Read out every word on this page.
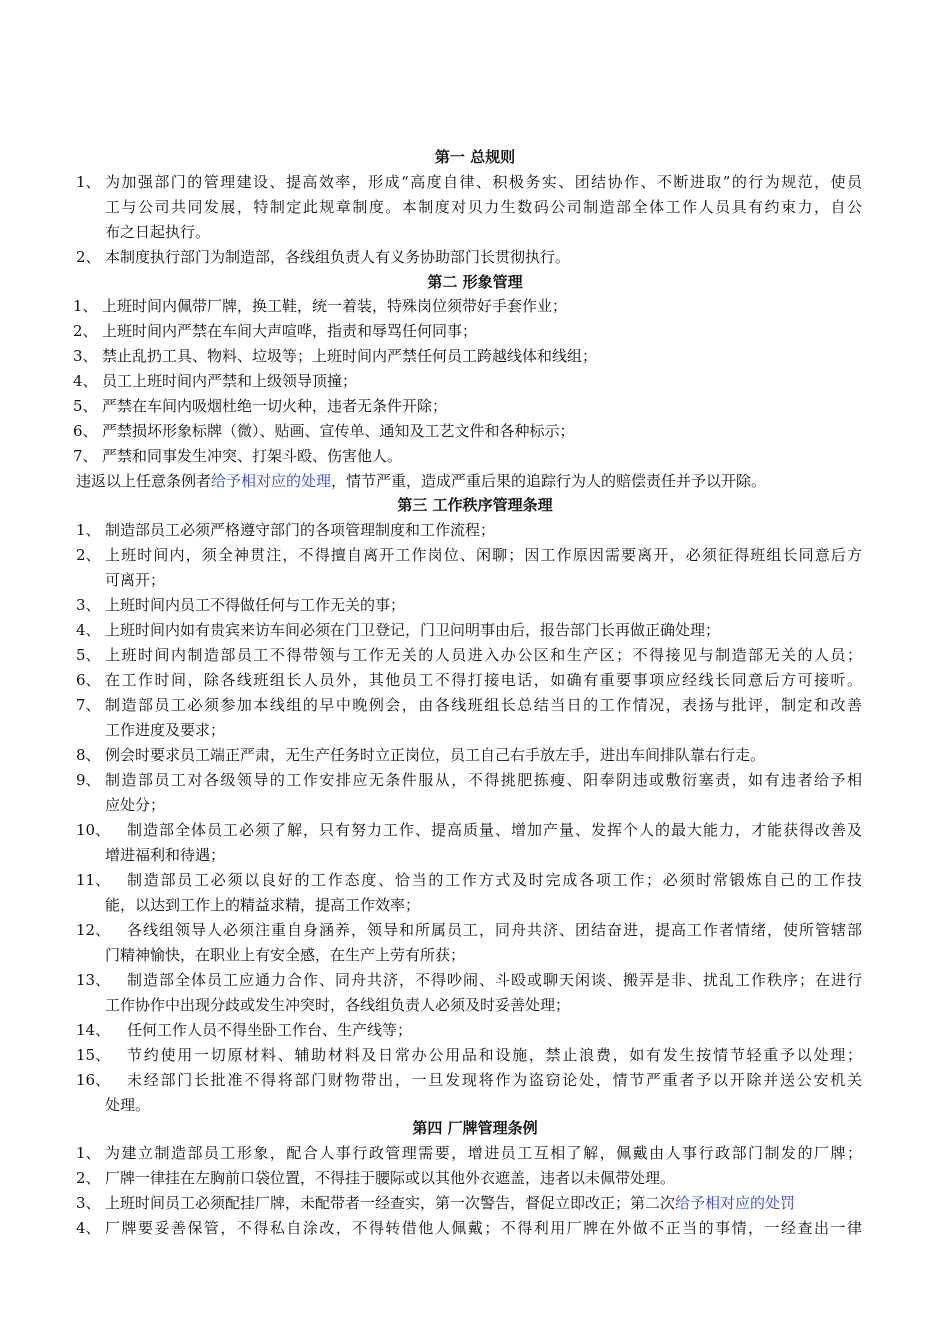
第一 总规则
1、 为加强部门的管理建设、提高效率，形成“高度自律、积极务实、团结协作、不断进取”的行为规范，使员
工与公司共同发展，特制定此规章制度。本制度对贝力生数码公司制造部全体工作人员具有约束力，自公
布之日起执行。
2、 本制度执行部门为制造部，各线组负责人有义务协助部门长贯彻执行。
第二 形象管理
1、 上班时间内佩带厂牌，换工鞋，统一着装，特殊岗位须带好手套作业；
2、 上班时间内严禁在车间大声喧哗，指责和辱骂任何同事；
3、 禁止乱扔工具、物料、垃圾等；上班时间内严禁任何员工跨越线体和线组；
4、 员工上班时间内严禁和上级领导顶撞；
5、 严禁在车间内吸烟杜绝一切火种，违者无条件开除；
6、 严禁损坏形象标牌（微）、贴画、宣传单、通知及工艺文件和各种标示；
7、 严禁和同事发生冲突、打架斗殴、伤害他人。
违返以上任意条例者给予相对应的处理，情节严重，造成严重后果的追踪行为人的赔偿责任并予以开除。
第三 工作秩序管理条理
1、 制造部员工必须严格遵守部门的各项管理制度和工作流程；
2、 上班时间内，须全神贯注，不得擅自离开工作岗位、闲聊；因工作原因需要离开，必须征得班组长同意后方
可离开；
3、 上班时间内员工不得做任何与工作无关的事；
4、 上班时间内如有贵宾来访车间必须在门卫登记，门卫问明事由后，报告部门长再做正确处理；
5、 上班时间内制造部员工不得带领与工作无关的人员进入办公区和生产区；不得接见与制造部无关的人员；
6、 在工作时间，除各线班组长人员外，其他员工不得打接电话，如确有重要事项应经线长同意后方可接听。
7、 制造部员工必须参加本线组的早中晚例会，由各线班组长总结当日的工作情况，表扬与批评，制定和改善
工作进度及要求；
8、 例会时要求员工端正严肃，无生产任务时立正岗位，员工自己右手放左手，进出车间排队靠右行走。
9、 制造部员工对各级领导的工作安排应无条件服从，不得挑肥拣瘦、阳奉阴违或敷衍塞责，如有违者给予相
应处分；
10、 制造部全体员工必须了解，只有努力工作、提高质量、增加产量、发挥个人的最大能力，才能获得改善及
增进福利和待遇；
11、 制造部员工必须以良好的工作态度、恰当的工作方式及时完成各项工作；必须时常锻炼自己的工作技
能，以达到工作上的精益求精，提高工作效率；
12、 各线组领导人必须注重自身涵养，领导和所属员工，同舟共济、团结奋进，提高工作者情绪，使所管辖部
门精神愉快，在职业上有安全感，在生产上劳有所获；
13、 制造部全体员工应通力合作、同舟共济，不得吵闹、斗殴或聊天闲谈、搬弄是非、扰乱工作秩序；在进行
工作协作中出现分歧或发生冲突时，各线组负责人必须及时妥善处理；
14、 任何工作人员不得坐卧工作台、生产线等；
15、 节约使用一切原材料、辅助材料及日常办公用品和设施，禁止浪费，如有发生按情节轻重予以处理；
16、 未经部门长批准不得将部门财物带出，一旦发现将作为盗窃论处，情节严重者予以开除并送公安机关
处理。
第四 厂牌管理条例
1、 为建立制造部员工形象，配合人事行政管理需要，增进员工互相了解，佩戴由人事行政部门制发的厂牌；
2、 厂牌一律挂在左胸前口袋位置，不得挂于腰际或以其他外衣遮盖，违者以未佩带处理。
3、 上班时间员工必须配挂厂牌，未配带者一经查实，第一次警告，督促立即改正；第二次给予相对应的处罚
4、 厂牌要妥善保管，不得私自涂改，不得转借他人佩戴；不得利用厂牌在外做不正当的事情，一经查出一律
